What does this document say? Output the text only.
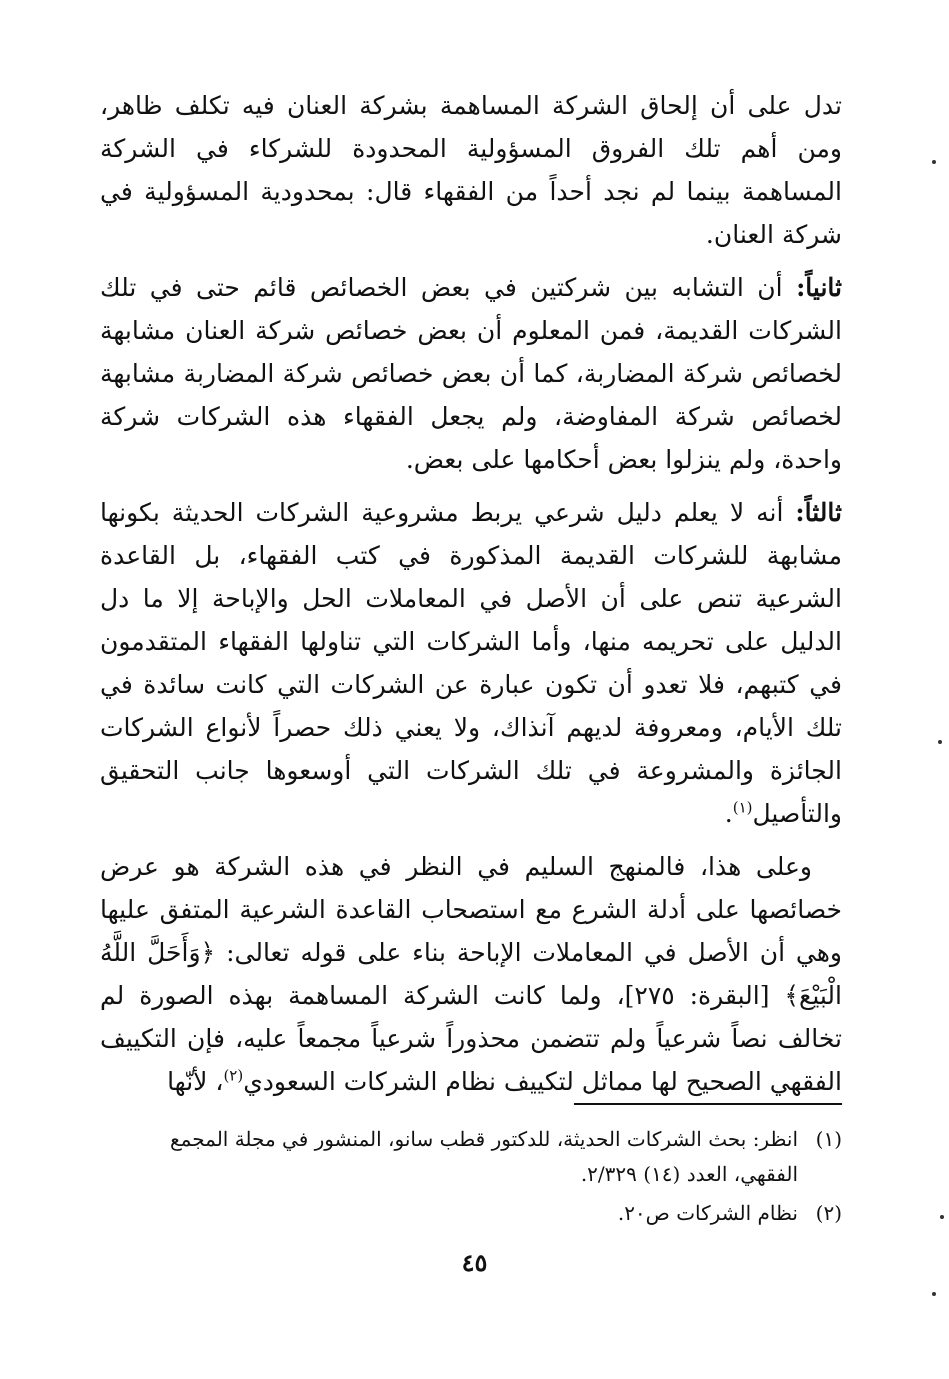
تدل على أن إلحاق الشركة المساهمة بشركة العنان فيه تكلف ظاهر، ومن أهم تلك الفروق المسؤولية المحدودة للشركاء في الشركة المساهمة بينما لم نجد أحداً من الفقهاء قال: بمحدودية المسؤولية في شركة العنان.

ثانياً: أن التشابه بين شركتين في بعض الخصائص قائم حتى في تلك الشركات القديمة، فمن المعلوم أن بعض خصائص شركة العنان مشابهة لخصائص شركة المضاربة، كما أن بعض خصائص شركة المضاربة مشابهة لخصائص شركة المفاوضة، ولم يجعل الفقهاء هذه الشركات شركة واحدة، ولم ينزلوا بعض أحكامها على بعض.

ثالثاً: أنه لا يعلم دليل شرعي يربط مشروعية الشركات الحديثة بكونها مشابهة للشركات القديمة المذكورة في كتب الفقهاء، بل القاعدة الشرعية تنص على أن الأصل في المعاملات الحل والإباحة إلا ما دل الدليل على تحريمه منها، وأما الشركات التي تناولها الفقهاء المتقدمون في كتبهم، فلا تعدو أن تكون عبارة عن الشركات التي كانت سائدة في تلك الأيام، ومعروفة لديهم آنذاك، ولا يعني ذلك حصراً لأنواع الشركات الجائزة والمشروعة في تلك الشركات التي أوسعوها جانب التحقيق والتأصيل$^{(١)}$.

وعلى هذا، فالمنهج السليم في النظر في هذه الشركة هو عرض خصائصها على أدلة الشرع مع استصحاب القاعدة الشرعية المتفق عليها وهي أن الأصل في المعاملات الإباحة بناء على قوله تعالى: ﴿وَأَحَلَّ اللَّهُ الْبَيْعَ﴾ [البقرة: ٢٧٥]، ولما كانت الشركة المساهمة بهذه الصورة لم تخالف نصاً شرعياً ولم تتضمن محذوراً شرعياً مجمعاً عليه، فإن التكييف الفقهي الصحيح لها مماثل لتكييف نظام الشركات السعودي$^{(٢)}$، لأنّها

(١)
انظر: بحث الشركات الحديثة، للدكتور قطب سانو، المنشور في مجلة المجمع الفقهي، العدد (١٤) ٢/٣٢٩.

(٢)
نظام الشركات ص٢٠.

٤٥
